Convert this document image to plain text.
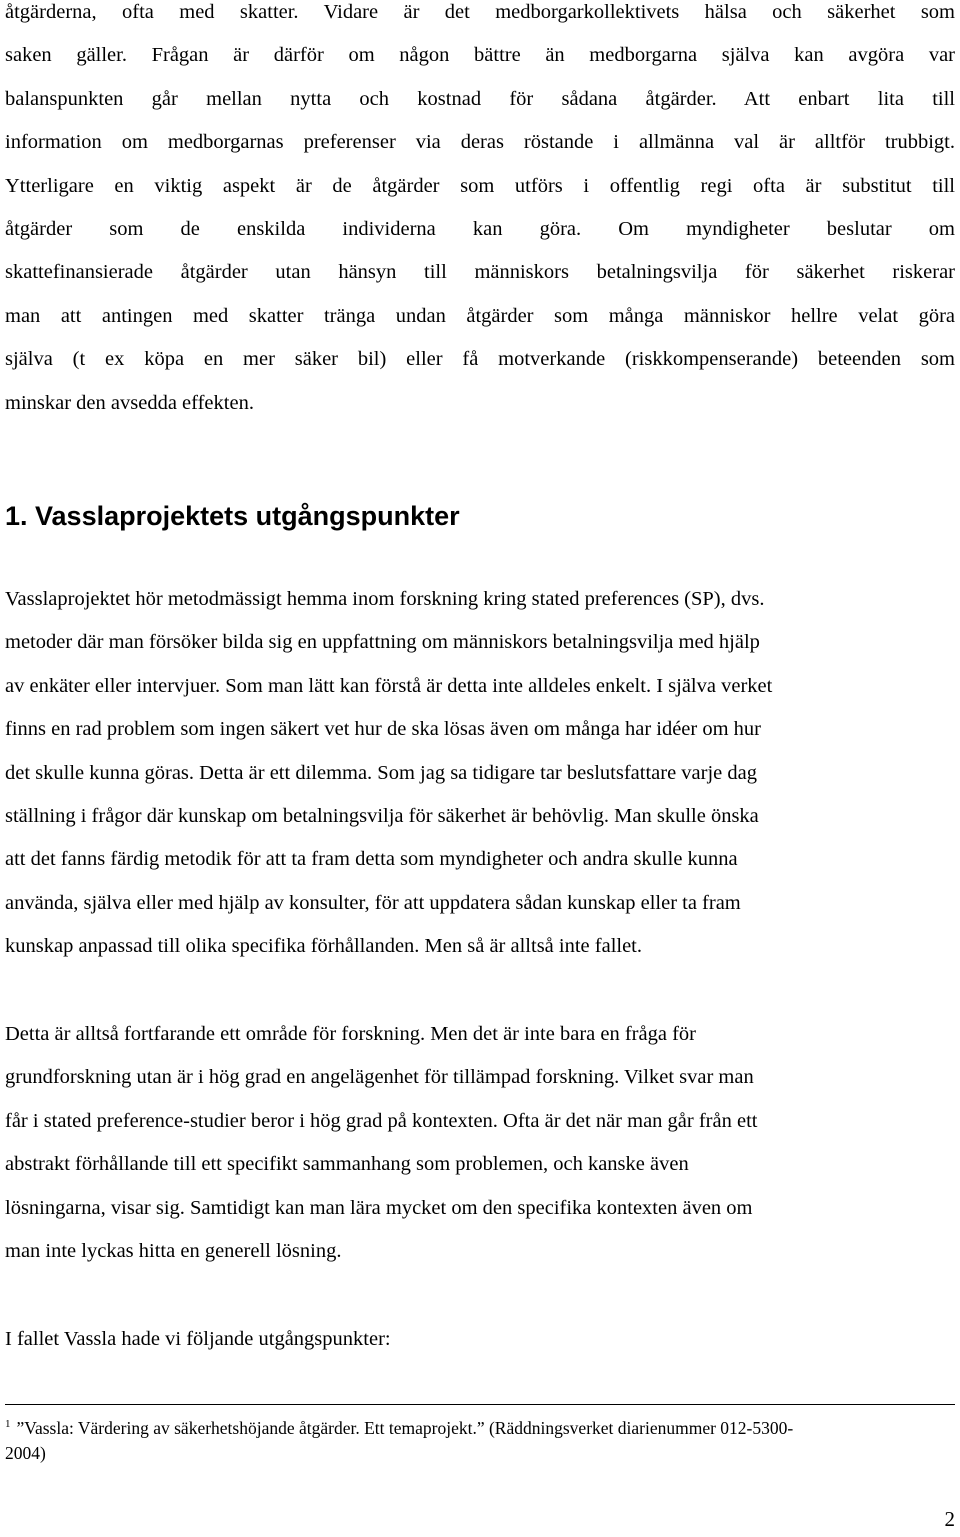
åtgärderna, ofta med skatter. Vidare är det medborgarkollektivets hälsa och säkerhet som
saken gäller. Frågan är därför om någon bättre än medborgarna själva kan avgöra var
balanspunkten går mellan nytta och kostnad för sådana åtgärder. Att enbart lita till
information om medborgarnas preferenser via deras röstande i allmänna val är alltför trubbigt.
Ytterligare en viktig aspekt är de åtgärder som utförs i offentlig regi ofta är substitut till
åtgärder som de enskilda individerna kan göra. Om myndigheter beslutar om
skattefinansierade åtgärder utan hänsyn till människors betalningsvilja för säkerhet riskerar
man att antingen med skatter tränga undan åtgärder som många människor hellre velat göra
själva (t ex köpa en mer säker bil) eller få motverkande (riskkompenserande) beteenden som
minskar den avsedda effekten.
1. Vasslaprojektets utgångspunkter
Vasslaprojektet hör metodmässigt hemma inom forskning kring stated preferences (SP), dvs.
metoder där man försöker bilda sig en uppfattning om människors betalningsvilja med hjälp
av enkäter eller intervjuer. Som man lätt kan förstå är detta inte alldeles enkelt. I själva verket
finns en rad problem som ingen säkert vet hur de ska lösas även om många har idéer om hur
det skulle kunna göras. Detta är ett dilemma. Som jag sa tidigare tar beslutsfattare varje dag
ställning i frågor där kunskap om betalningsvilja för säkerhet är behövlig. Man skulle önska
att det fanns färdig metodik för att ta fram detta som myndigheter och andra skulle kunna
använda, själva eller med hjälp av konsulter, för att uppdatera sådan kunskap eller ta fram
kunskap anpassad till olika specifika förhållanden. Men så är alltså inte fallet.
Detta är alltså fortfarande ett område för forskning. Men det är inte bara en fråga för
grundforskning utan är i hög grad en angelägenhet för tillämpad forskning. Vilket svar man
får i stated preference-studier beror i hög grad på kontexten. Ofta är det när man går från ett
abstrakt förhållande till ett specifikt sammanhang som problemen, och kanske även
lösningarna, visar sig. Samtidigt kan man lära mycket om den specifika kontexten även om
man inte lyckas hitta en generell lösning.
I fallet Vassla hade vi följande utgångspunkter:
$^1$ ”Vassla: Värdering av säkerhetshöjande åtgärder. Ett temaprojekt.” (Räddningsverket diarienummer 012-5300-
2004)
2
